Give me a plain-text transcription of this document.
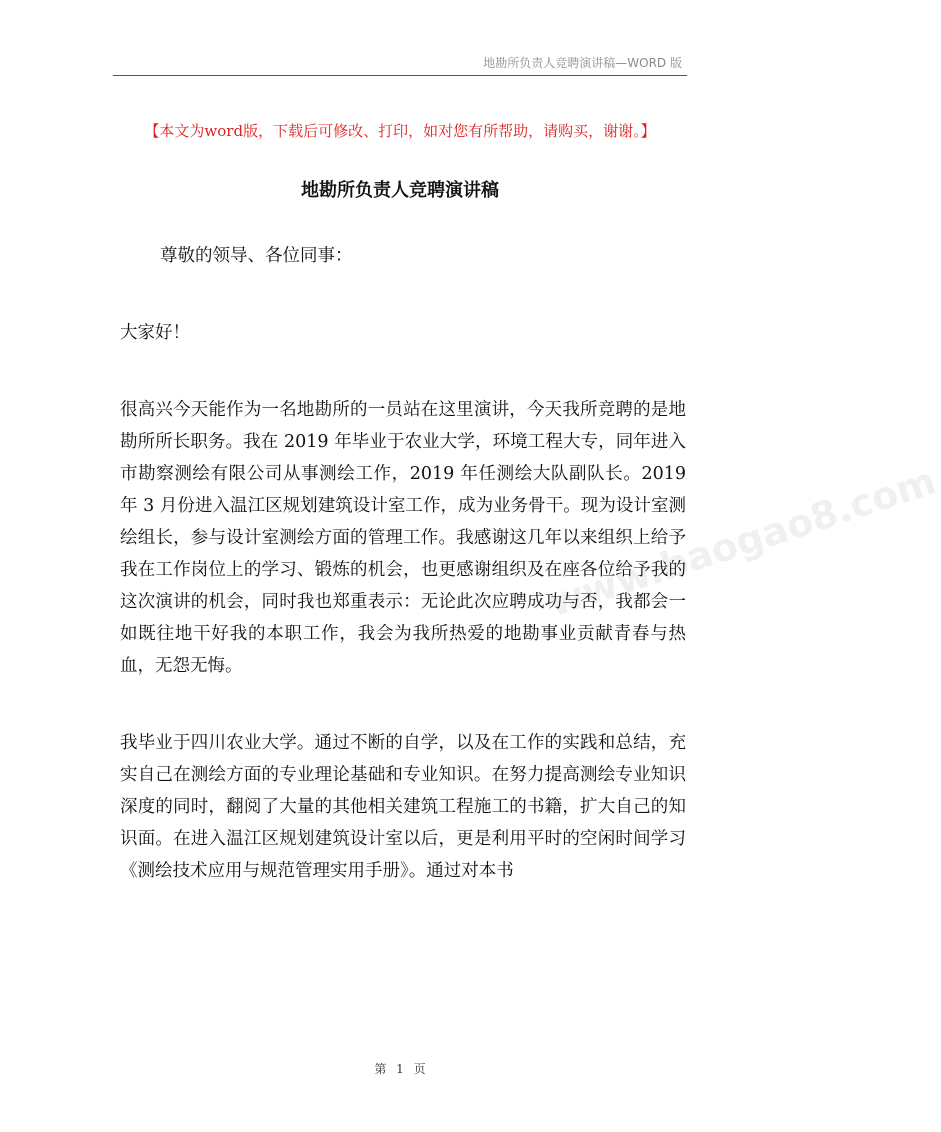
地勘所负责人竞聘演讲稿—WORD 版
【本文为word版，下载后可修改、打印，如对您有所帮助，请购买，谢谢。】
地勘所负责人竞聘演讲稿

尊敬的领导、各位同事：

大家好！

很高兴今天能作为一名地勘所的一员站在这里演讲，今天我所竞聘的是地勘所所长职务。我在 2019 年毕业于农业大学，环境工程大专，同年进入市勘察测绘有限公司从事测绘工作，2019 年任测绘大队副队长。2019 年 3 月份进入温江区规划建筑设计室工作，成为业务骨干。现为设计室测绘组长，参与设计室测绘方面的管理工作。我感谢这几年以来组织上给予我在工作岗位上的学习、锻炼的机会，也更感谢组织及在座各位给予我的这次演讲的机会，同时我也郑重表示：无论此次应聘成功与否，我都会一如既往地干好我的本职工作，我会为我所热爱的地勘事业贡献青春与热血，无怨无悔。

我毕业于四川农业大学。通过不断的自学，以及在工作的实践和总结，充实自己在测绘方面的专业理论基础和专业知识。在努力提高测绘专业知识深度的同时，翻阅了大量的其他相关建筑工程施工的书籍，扩大自己的知识面。在进入温江区规划建筑设计室以后，更是利用平时的空闲时间学习《测绘技术应用与规范管理实用手册》。通过对本书

www.baogao8.com
第 1 页
